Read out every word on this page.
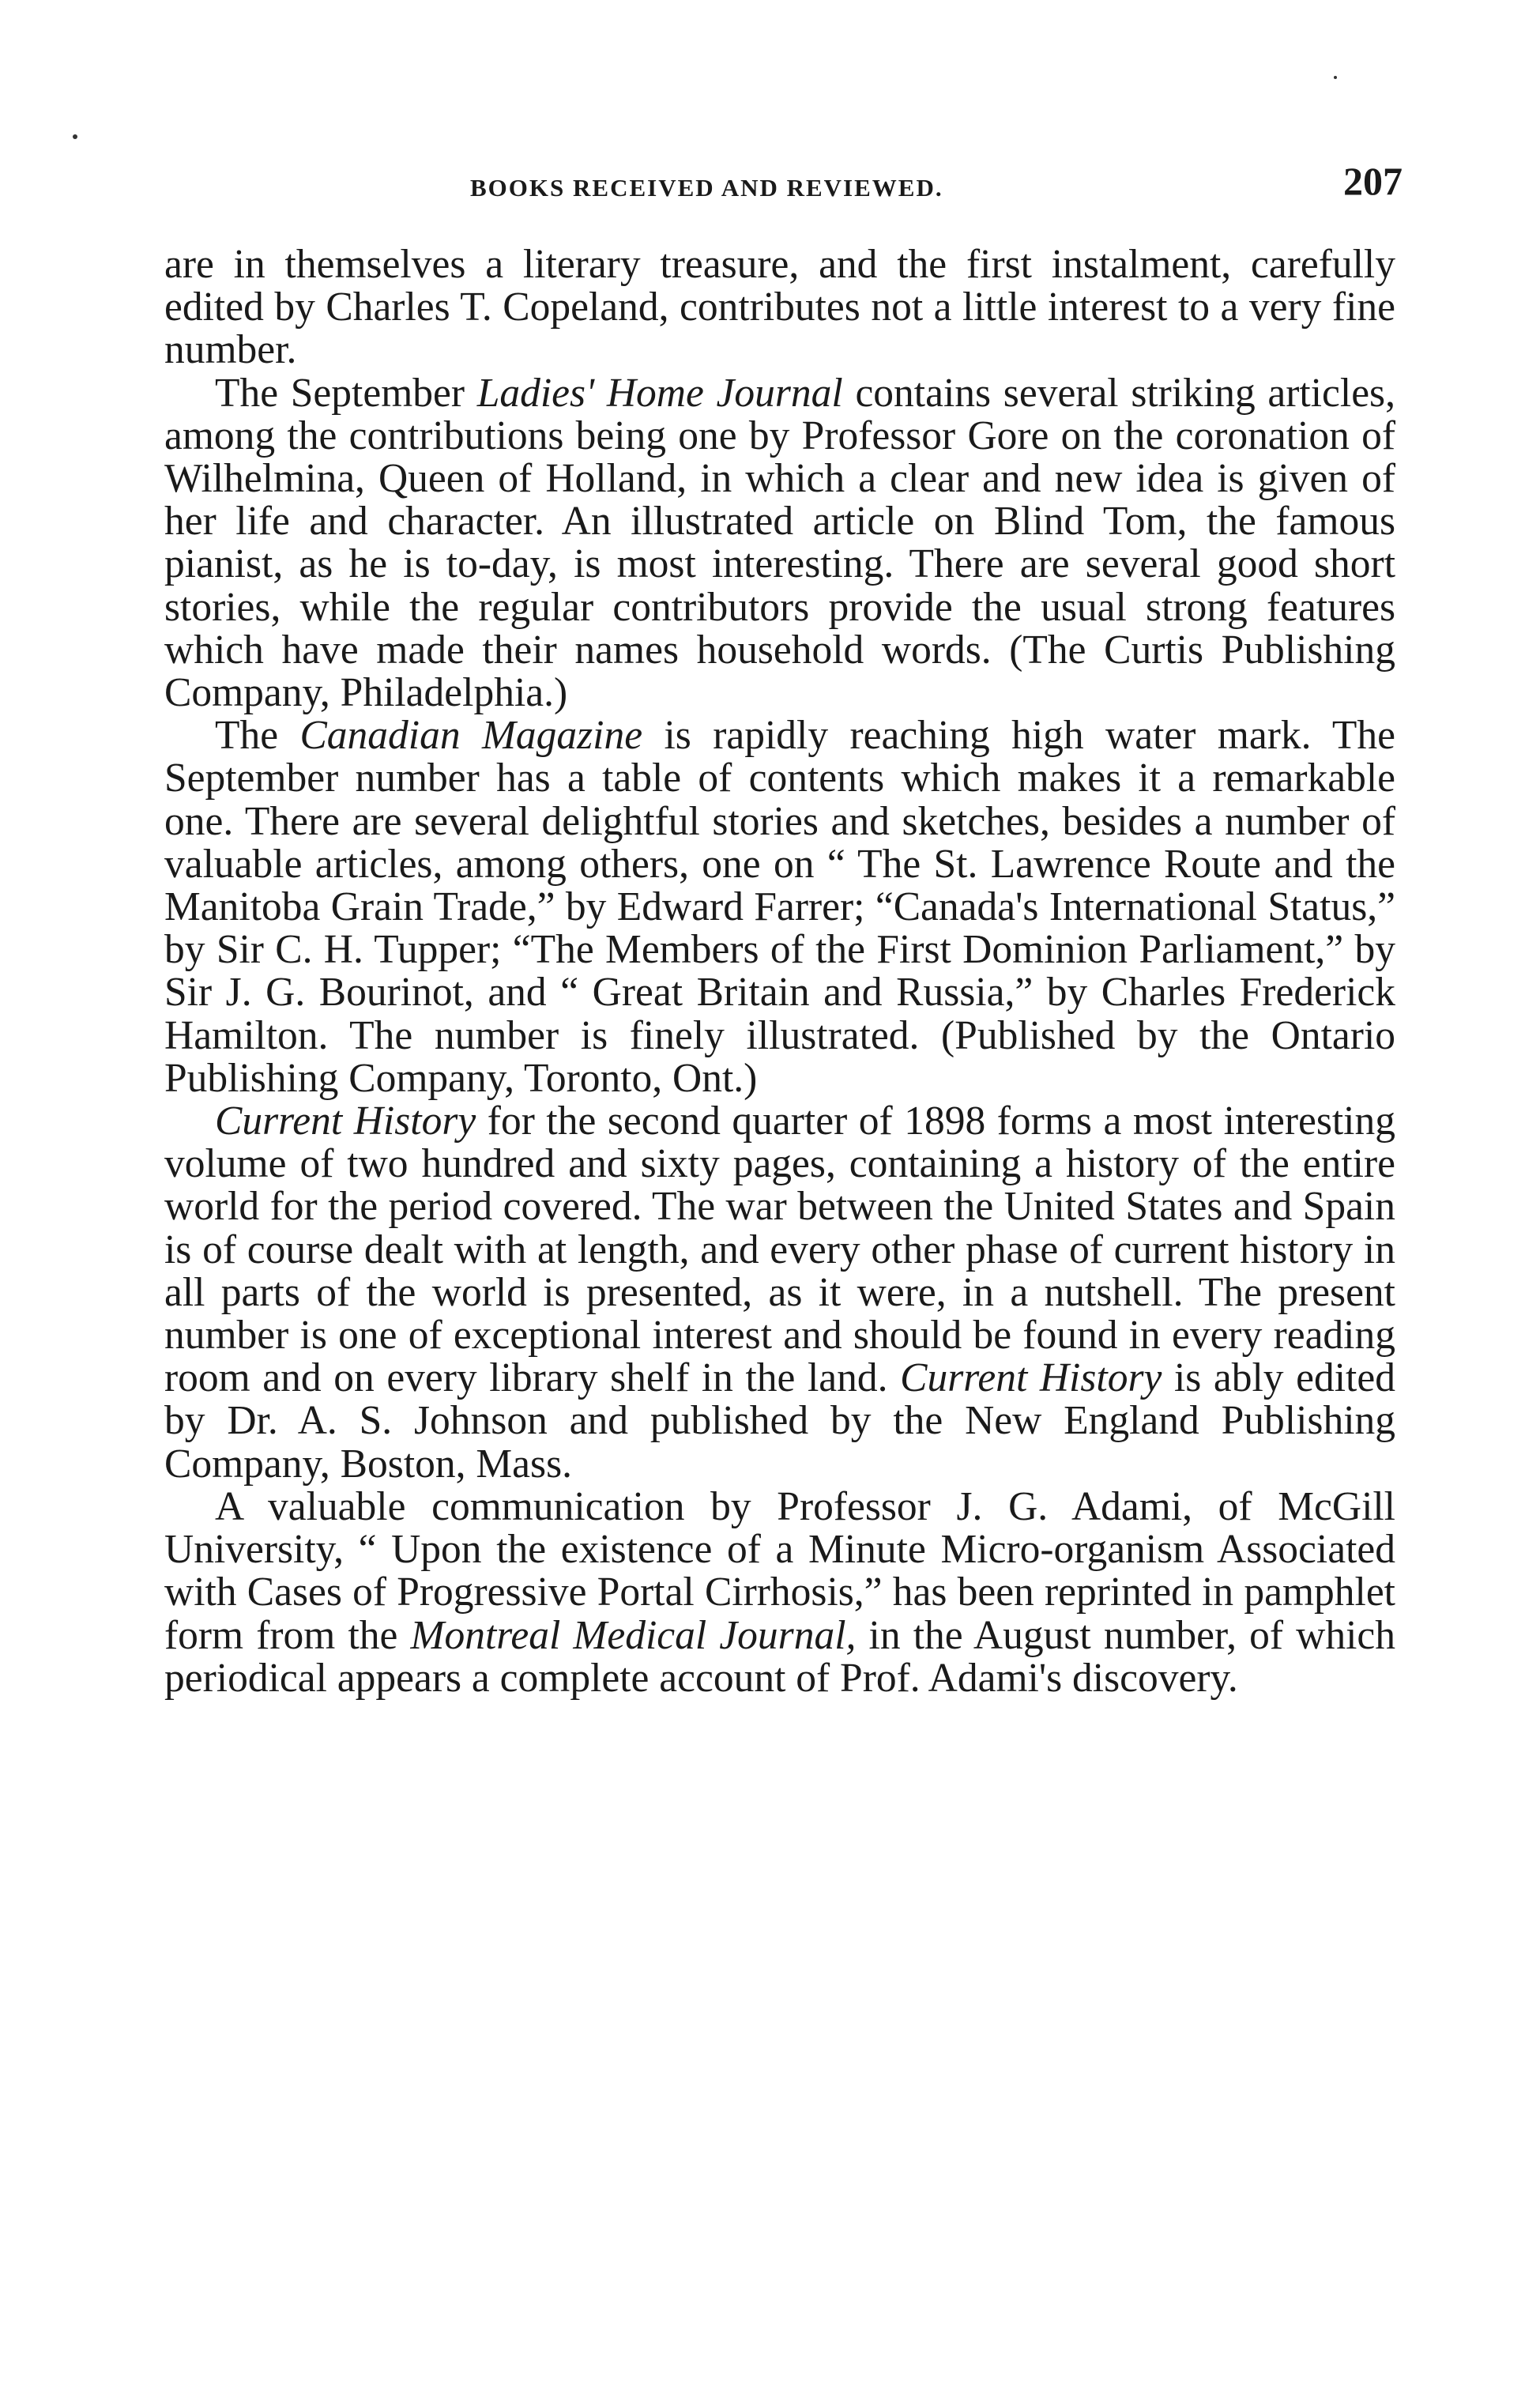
BOOKS RECEIVED AND REVIEWED.	207

are in themselves a literary treasure, and the first instalment, carefully edited by Charles T. Copeland, contributes not a little interest to a very fine number.

The September Ladies' Home Journal contains several striking articles, among the contributions being one by Professor Gore on the coronation of Wilhelmina, Queen of Holland, in which a clear and new idea is given of her life and character. An illustrated article on Blind Tom, the famous pianist, as he is to-day, is most interesting. There are several good short stories, while the regular contributors provide the usual strong features which have made their names household words. (The Curtis Publishing Company, Philadelphia.)

The Canadian Magazine is rapidly reaching high water mark. The September number has a table of contents which makes it a remarkable one. There are several delightful stories and sketches, besides a number of valuable articles, among others, one on “ The St. Lawrence Route and the Manitoba Grain Trade,” by Edward Farrer; “Canada's International Status,” by Sir C. H. Tupper; “The Members of the First Dominion Parliament,” by Sir J. G. Bourinot, and “ Great Britain and Russia,” by Charles Frederick Hamilton. The number is finely illustrated. (Published by the Ontario Publishing Company, Toronto, Ont.)

Current History for the second quarter of 1898 forms a most interesting volume of two hundred and sixty pages, containing a history of the entire world for the period covered. The war between the United States and Spain is of course dealt with at length, and every other phase of current history in all parts of the world is presented, as it were, in a nutshell. The present number is one of exceptional interest and should be found in every reading room and on every library shelf in the land. Current History is ably edited by Dr. A. S. Johnson and published by the New England Publishing Company, Boston, Mass.

A valuable communication by Professor J. G. Adami, of McGill University, “ Upon the existence of a Minute Micro-organism Associated with Cases of Progressive Portal Cirrhosis,” has been reprinted in pamphlet form from the Montreal Medical Journal, in the August number, of which periodical appears a complete account of Prof. Adami's discovery.
